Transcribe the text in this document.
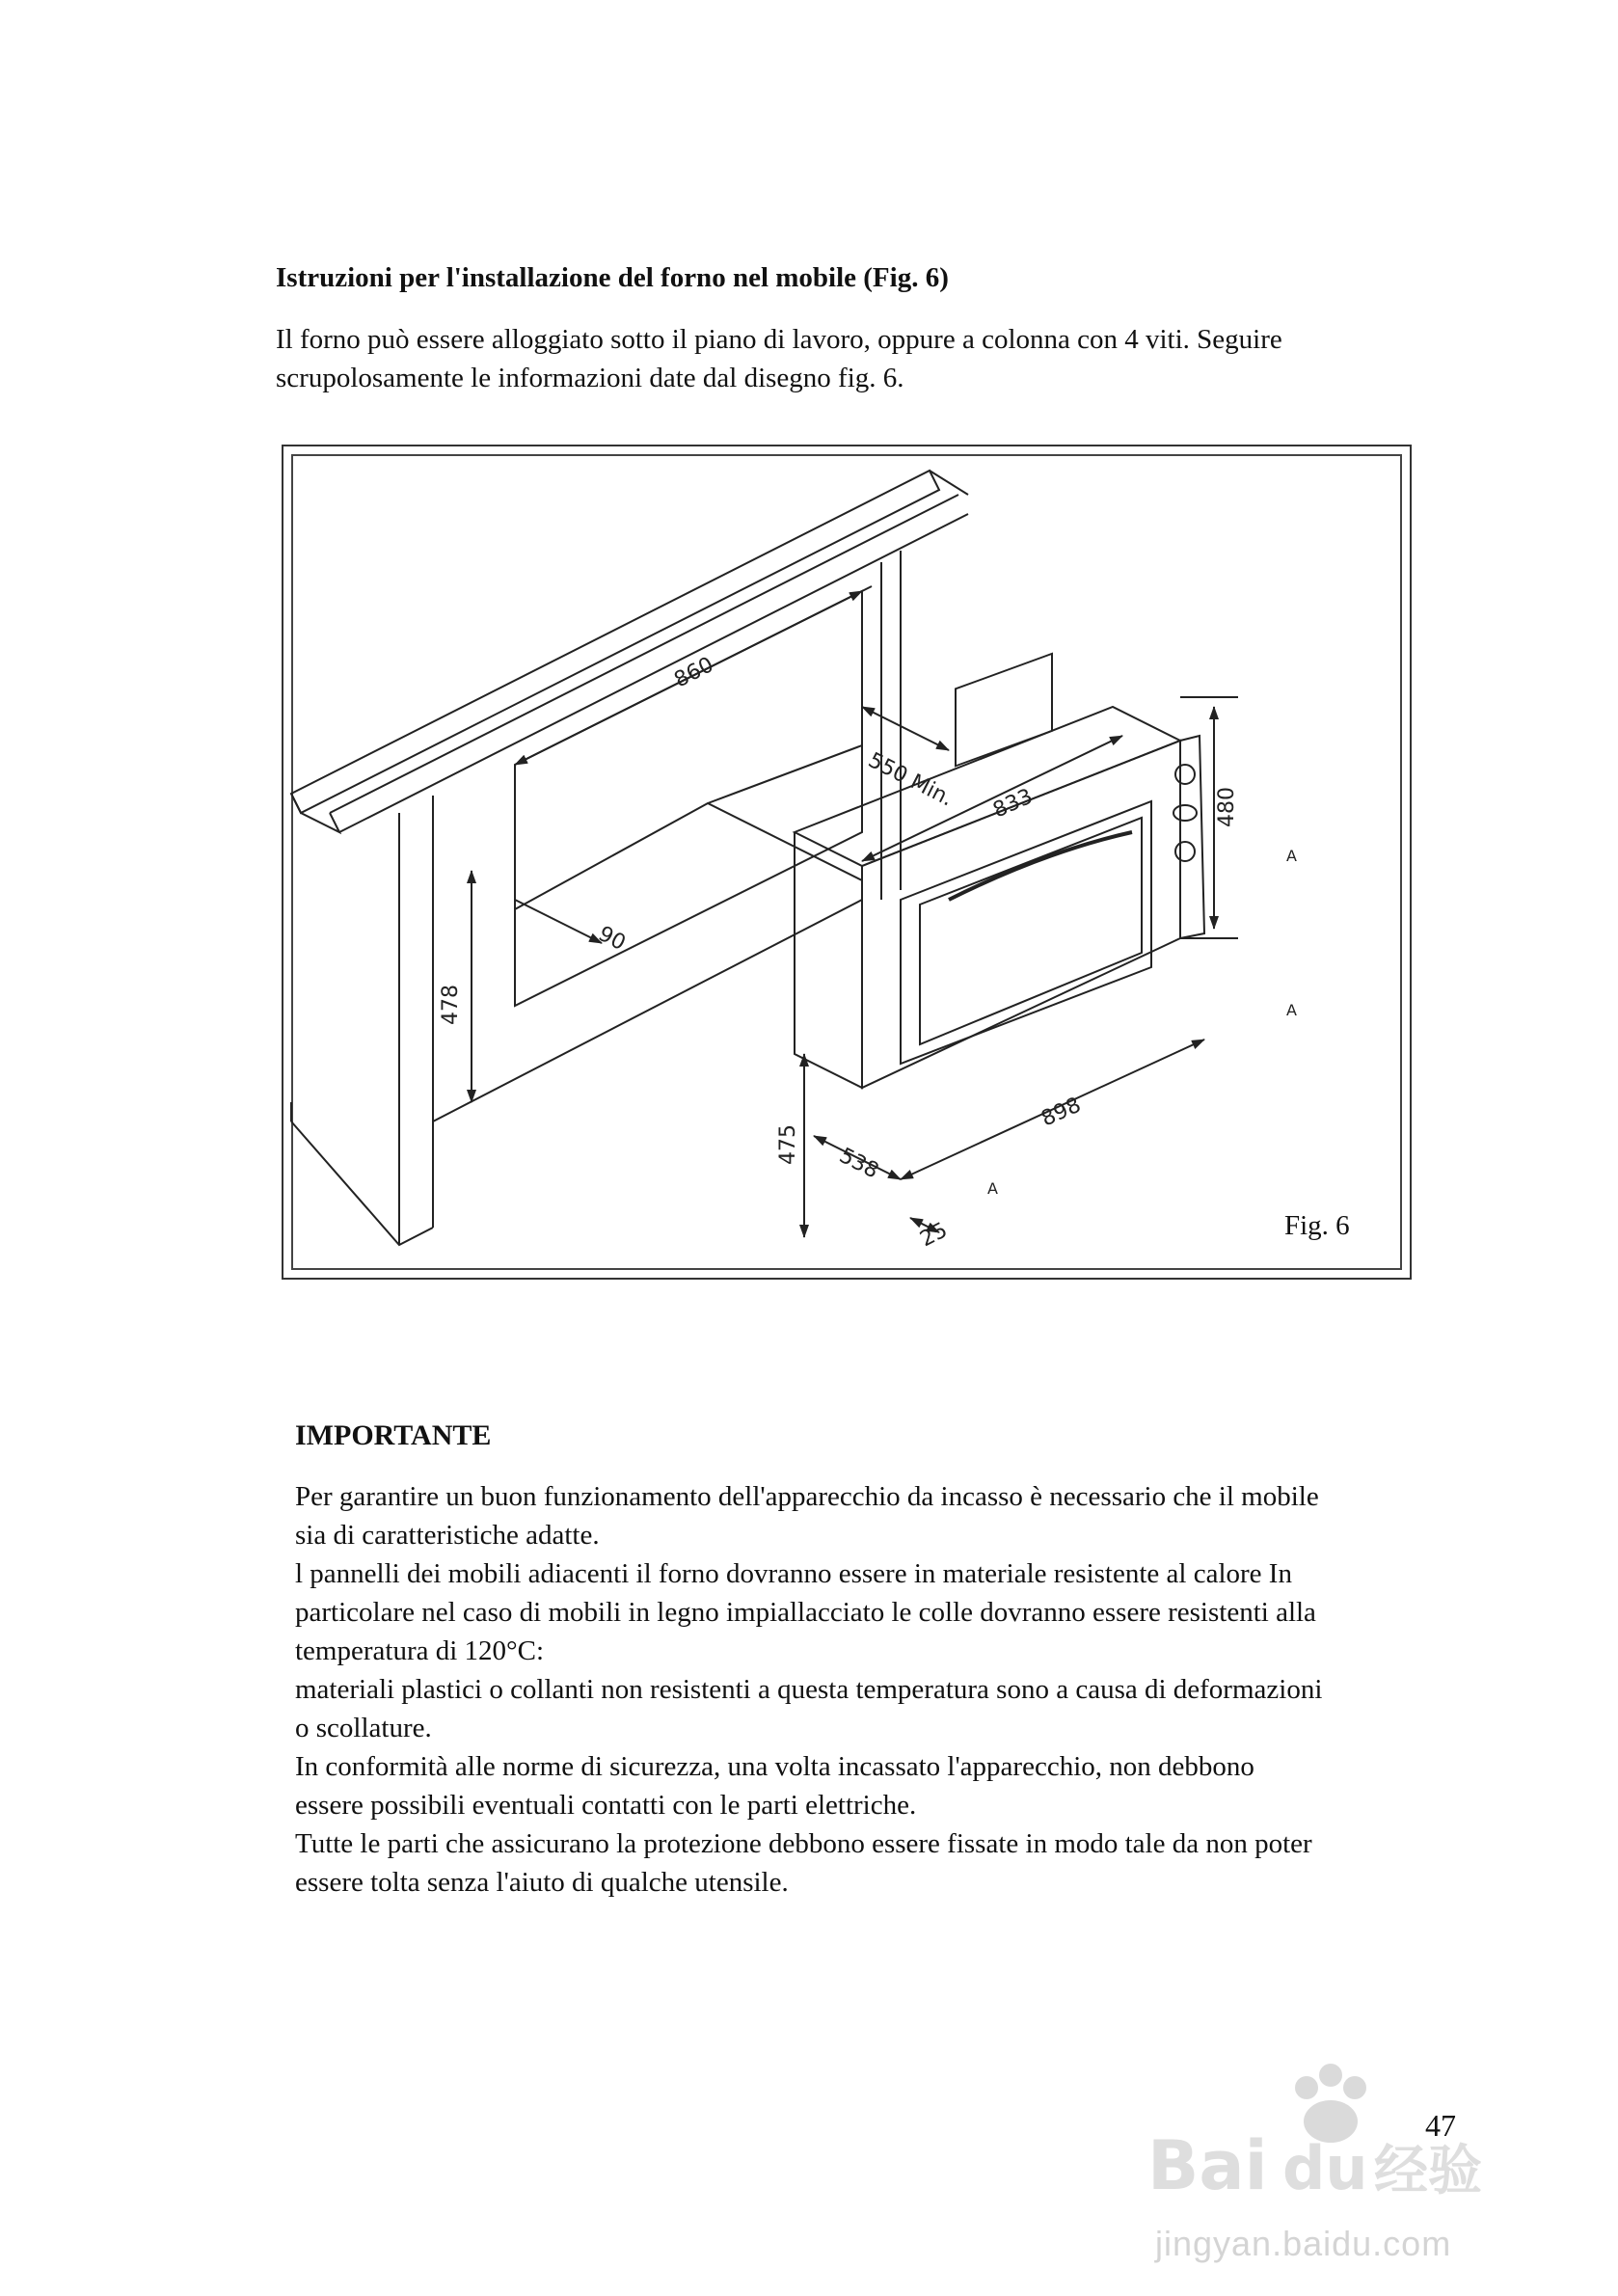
Istruzioni per l'installazione del forno nel mobile (Fig. 6)
Il forno può essere alloggiato sotto il piano di lavoro, oppure a colonna con 4 viti. Seguire
scrupolosamente le informazioni date dal disegno fig. 6.
860
550 Min.
90
478
833	480
475 538
898
25
A
A
A
Fig. 6
IMPORTANTE
Per garantire un buon funzionamento dell'apparecchio da incasso è necessario che il mobile
sia di caratteristiche adatte.
l pannelli dei mobili adiacenti il forno dovranno essere in materiale resistente al calore In
particolare nel caso di mobili in legno impiallacciato le colle dovranno essere resistenti alla
temperatura di 120°C:
materiali plastici o collanti non resistenti a questa temperatura sono a causa di deformazioni
o scollature.
In conformità alle norme di sicurezza, una volta incassato l'apparecchio, non debbono
essere possibili eventuali contatti con le parti elettriche.
Tutte le parti che assicurano la protezione debbono essere fissate in modo tale da non poter
essere tolta senza l'aiuto di qualche utensile.
47
Bai du 经验
jingyan.baidu.com
